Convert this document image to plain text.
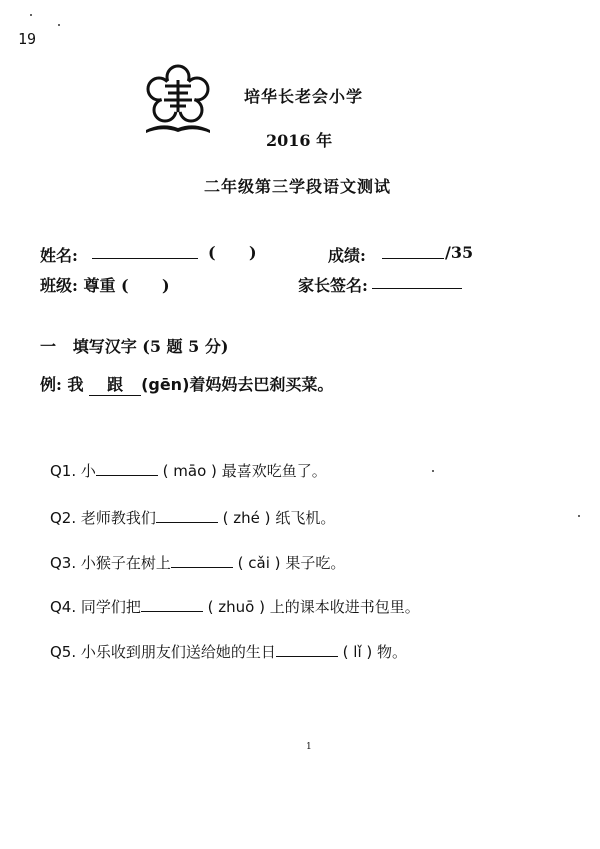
19
培华长老会小学
2016 年
二年级第三学段语文测试
姓名:	(      )	成绩:	/35
班级: 尊重 (      )	家长签名:
一   填写汉字 (5 题 5 分)
例: 我 跟 (gēn)着妈妈去巴刹买菜。
Q1. 小	( māo ) 最喜欢吃鱼了。
Q2. 老师教我们	( zhé ) 纸飞机。
Q3. 小猴子在树上	( cǎi ) 果子吃。
Q4. 同学们把	( zhuō ) 上的课本收进书包里。
Q5. 小乐收到朋友们送给她的生日	( lǐ ) 物。
1
